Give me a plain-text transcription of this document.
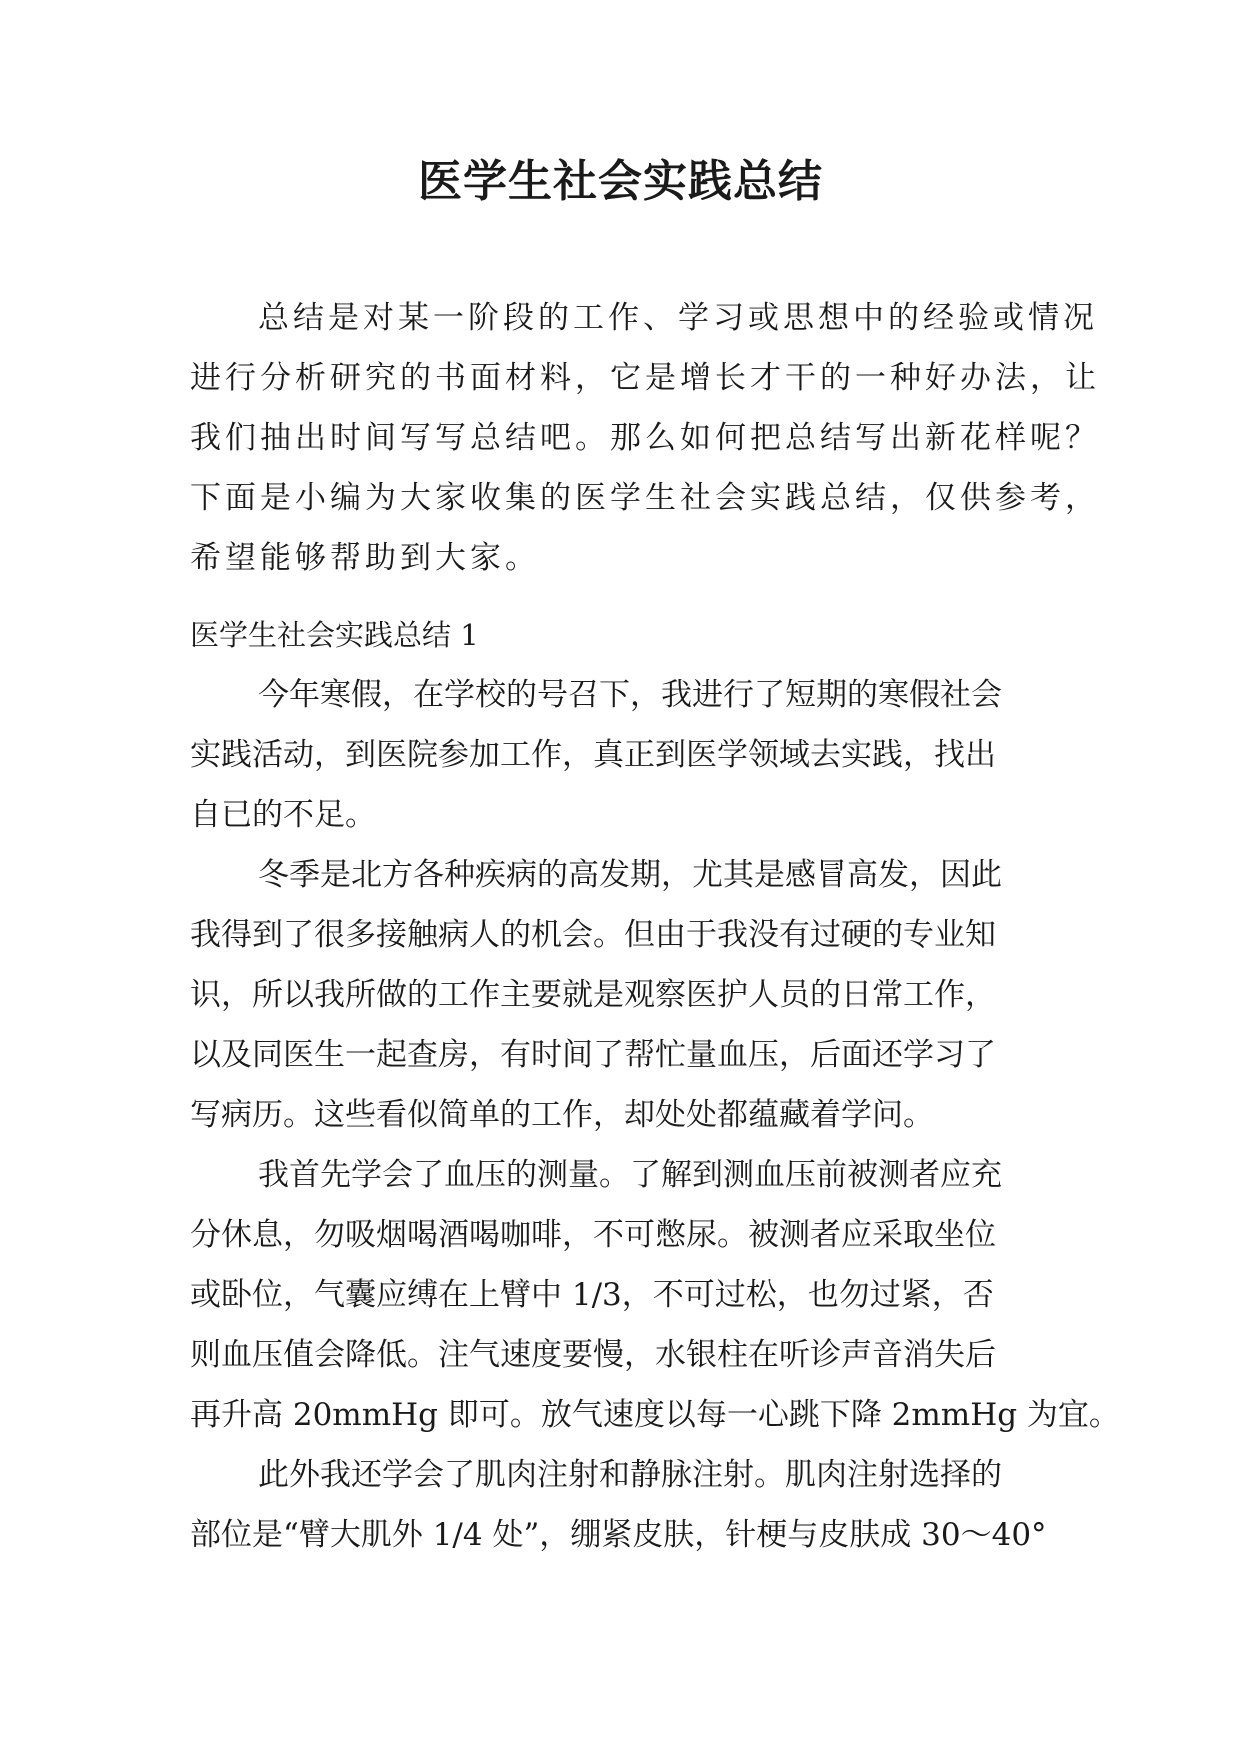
医学生社会实践总结
总结是对某一阶段的工作、学习或思想中的经验或情况
进行分析研究的书面材料，它是增长才干的一种好办法，让
我们抽出时间写写总结吧。那么如何把总结写出新花样呢？
下面是小编为大家收集的医学生社会实践总结，仅供参考，
希望能够帮助到大家。

医学生社会实践总结 1

今年寒假，在学校的号召下，我进行了短期的寒假社会
实践活动，到医院参加工作，真正到医学领域去实践，找出
自已的不足。
冬季是北方各种疾病的高发期，尤其是感冒高发，因此
我得到了很多接触病人的机会。但由于我没有过硬的专业知
识，所以我所做的工作主要就是观察医护人员的日常工作，
以及同医生一起查房，有时间了帮忙量血压，后面还学习了
写病历。这些看似简单的工作，却处处都蕴藏着学问。
我首先学会了血压的测量。了解到测血压前被测者应充
分休息，勿吸烟喝酒喝咖啡，不可憋尿。被测者应采取坐位
或卧位，气囊应缚在上臂中 1/3，不可过松，也勿过紧，否
则血压值会降低。注气速度要慢，水银柱在听诊声音消失后
再升高 20mmHg 即可。放气速度以每一心跳下降 2mmHg 为宜。
此外我还学会了肌肉注射和静脉注射。肌肉注射选择的
部位是“臂大肌外 1/4 处”，绷紧皮肤，针梗与皮肤成 30～40°
